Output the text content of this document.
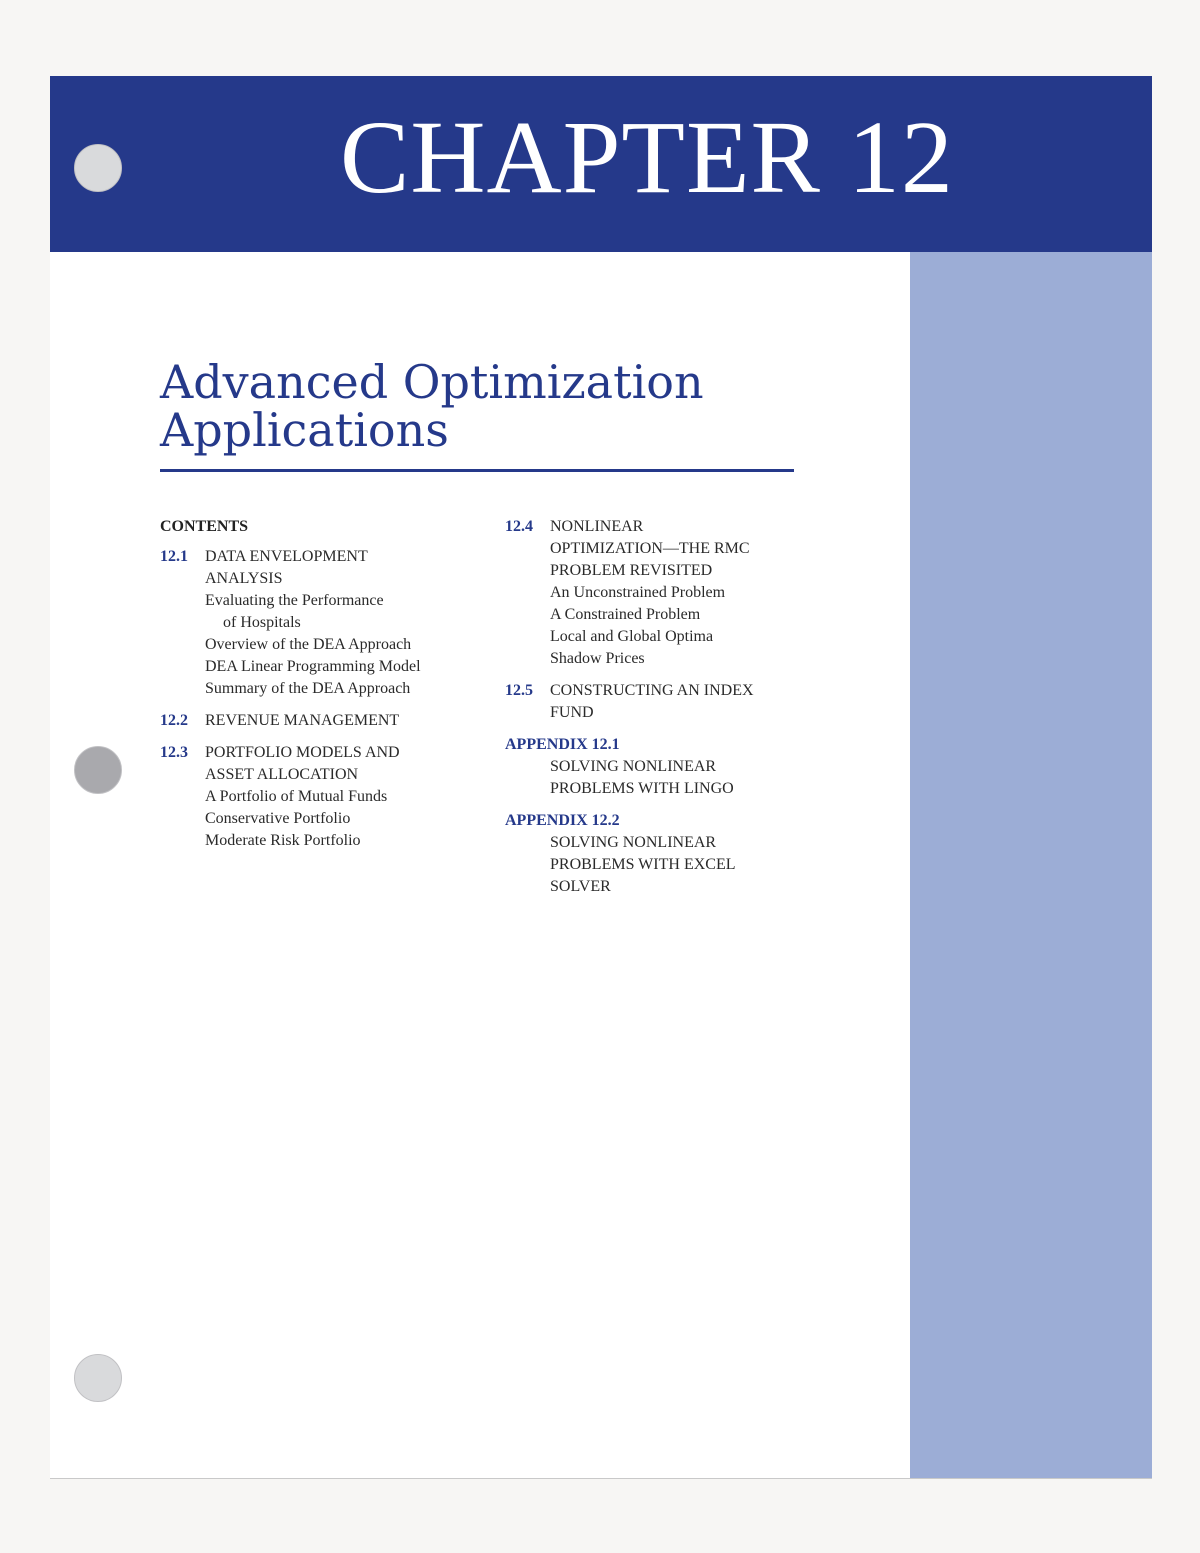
CHAPTER 12
Advanced Optimization
Applications
CONTENTS
12.1	DATA ENVELOPMENT
ANALYSIS
Evaluating the Performance
of Hospitals
Overview of the DEA Approach
DEA Linear Programming Model
Summary of the DEA Approach
12.2	REVENUE MANAGEMENT
12.3	PORTFOLIO MODELS AND
ASSET ALLOCATION
A Portfolio of Mutual Funds
Conservative Portfolio
Moderate Risk Portfolio
12.4	NONLINEAR
OPTIMIZATION—THE RMC
PROBLEM REVISITED
An Unconstrained Problem
A Constrained Problem
Local and Global Optima
Shadow Prices
12.5	CONSTRUCTING AN INDEX
FUND
APPENDIX 12.1
SOLVING NONLINEAR
PROBLEMS WITH LINGO
APPENDIX 12.2
SOLVING NONLINEAR
PROBLEMS WITH EXCEL
SOLVER
